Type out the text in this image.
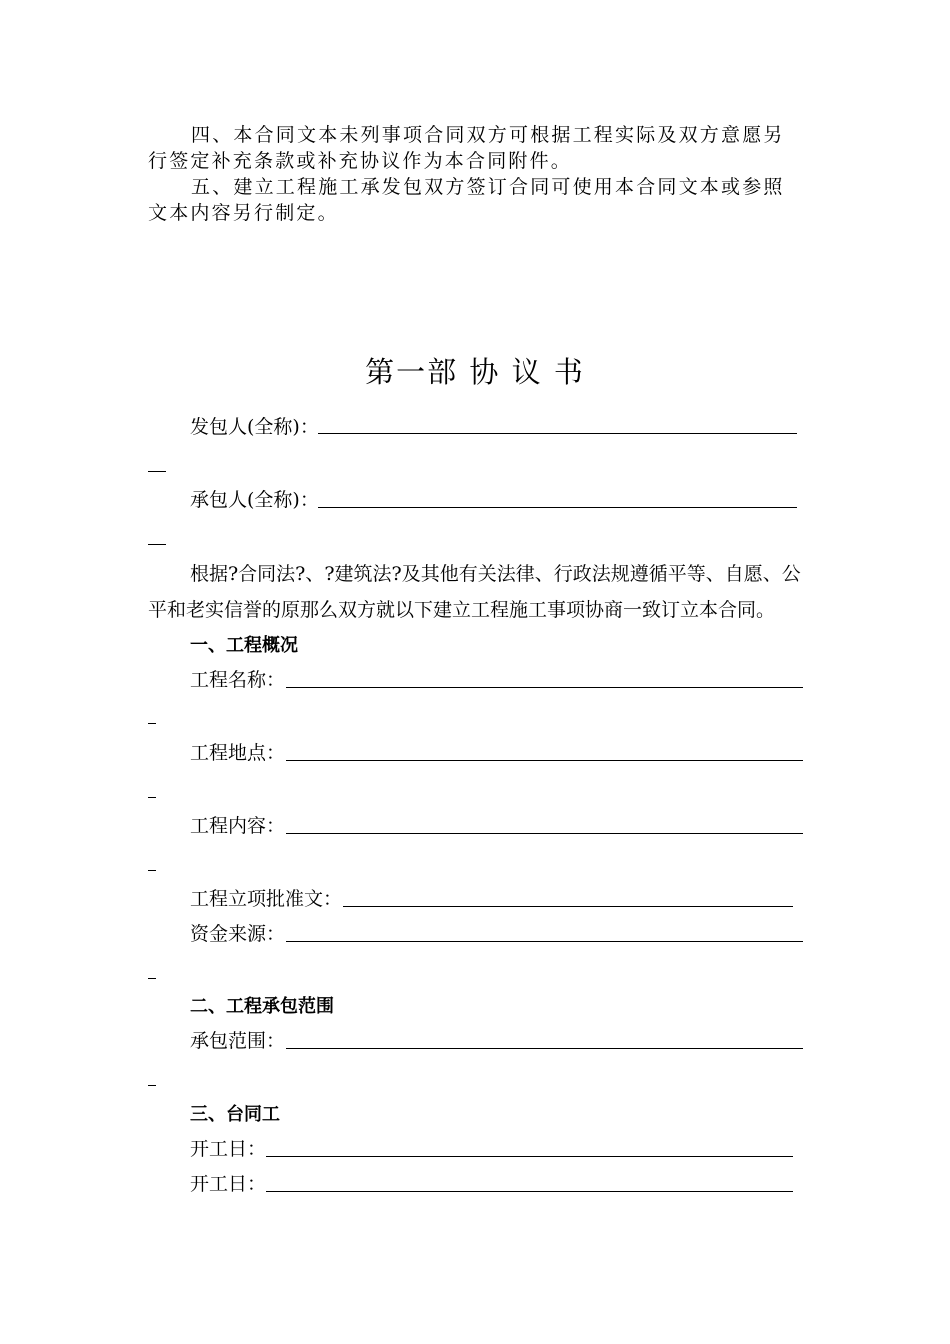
四、本合同文本未列事项合同双方可根据工程实际及双方意愿另行签定补充条款或补充协议作为本合同附件。

五、建立工程施工承发包双方签订合同可使用本合同文本或参照文本内容另行制定。

第一部 协 议 书
发包人(全称)：
承包人(全称)：
根据?合同法?、?建筑法?及其他有关法律、行政法规遵循平等、自愿、公
平和老实信誉的原那么双方就以下建立工程施工事项协商一致订立本合同。
一、工程概况
工程名称：
工程地点：
工程内容：
工程立项批准文：
资金来源：
二、工程承包范围
承包范围：
三、台同工
开工日：
开工日：
